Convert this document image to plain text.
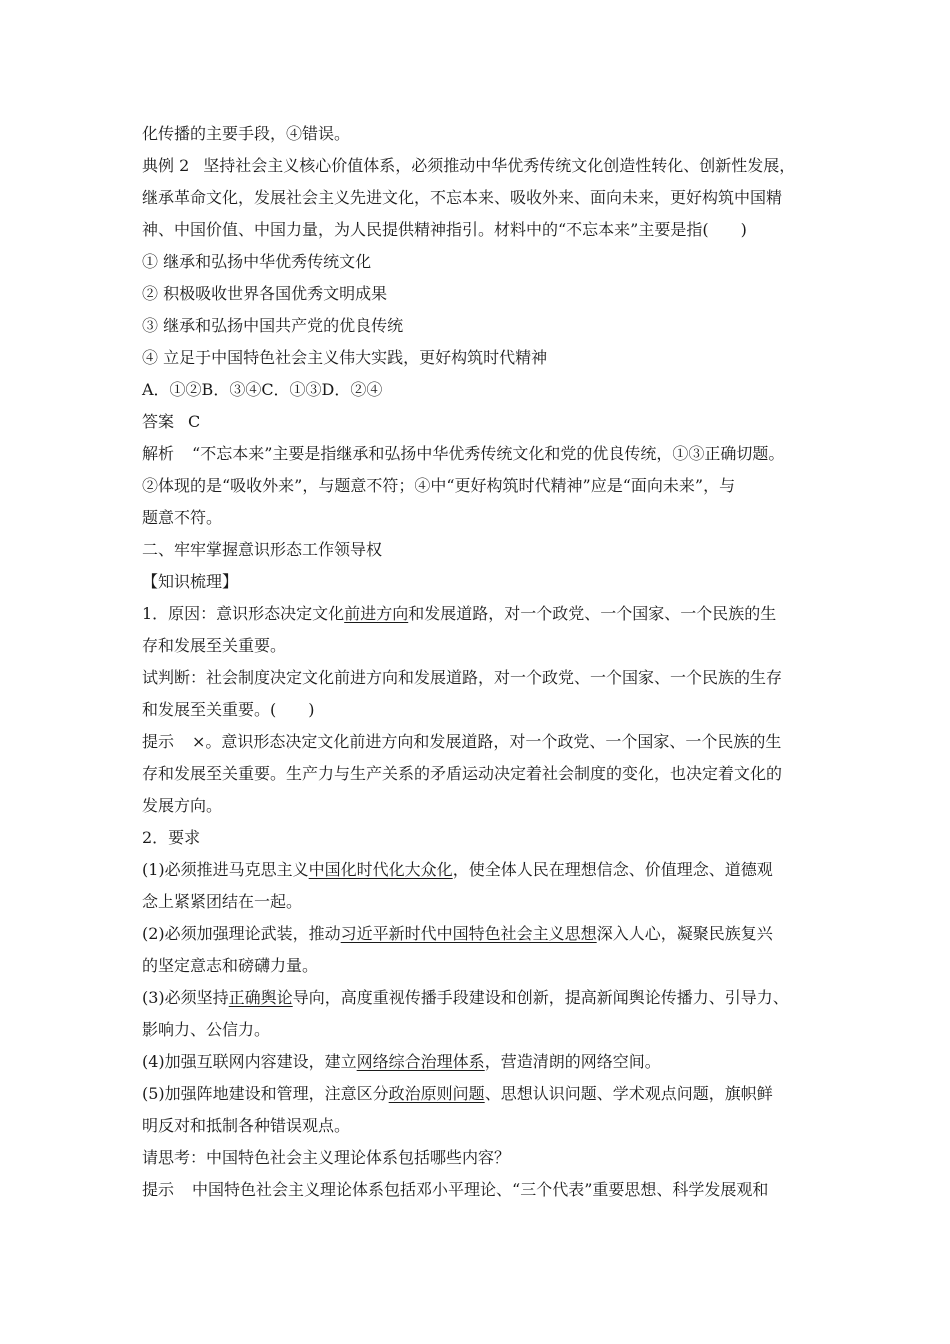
化传播的主要手段，④错误。
典例 2 坚持社会主义核心价值体系，必须推动中华优秀传统文化创造性转化、创新性发展，
继承革命文化，发展社会主义先进文化，不忘本来、吸收外来、面向未来，更好构筑中国精
神、中国价值、中国力量，为人民提供精神指引。材料中的“不忘本来”主要是指(　　)
① 继承和弘扬中华优秀传统文化
② 积极吸收世界各国优秀文明成果
③ 继承和弘扬中国共产党的优良传统
④ 立足于中国特色社会主义伟大实践，更好构筑时代精神
A．①②B．③④C．①③D．②④
答案 C
解析 “不忘本来”主要是指继承和弘扬中华优秀传统文化和党的优良传统，①③正确切题。
②体现的是“吸收外来”，与题意不符；④中“更好构筑时代精神”应是“面向未来”，与
题意不符。
二、牢牢掌握意识形态工作领导权
【知识梳理】
1．原因：意识形态决定文化前进方向和发展道路，对一个政党、一个国家、一个民族的生
存和发展至关重要。
试判断：社会制度决定文化前进方向和发展道路，对一个政党、一个国家、一个民族的生存
和发展至关重要。(　　)
提示 ×。意识形态决定文化前进方向和发展道路，对一个政党、一个国家、一个民族的生
存和发展至关重要。生产力与生产关系的矛盾运动决定着社会制度的变化，也决定着文化的
发展方向。
2．要求
(1)必须推进马克思主义中国化时代化大众化，使全体人民在理想信念、价值理念、道德观
念上紧紧团结在一起。
(2)必须加强理论武装，推动习近平新时代中国特色社会主义思想深入人心，凝聚民族复兴
的坚定意志和磅礴力量。
(3)必须坚持正确舆论导向，高度重视传播手段建设和创新，提高新闻舆论传播力、引导力、
影响力、公信力。
(4)加强互联网内容建设，建立网络综合治理体系，营造清朗的网络空间。
(5)加强阵地建设和管理，注意区分政治原则问题、思想认识问题、学术观点问题，旗帜鲜
明反对和抵制各种错误观点。
请思考：中国特色社会主义理论体系包括哪些内容？
提示 中国特色社会主义理论体系包括邓小平理论、“三个代表”重要思想、科学发展观和
